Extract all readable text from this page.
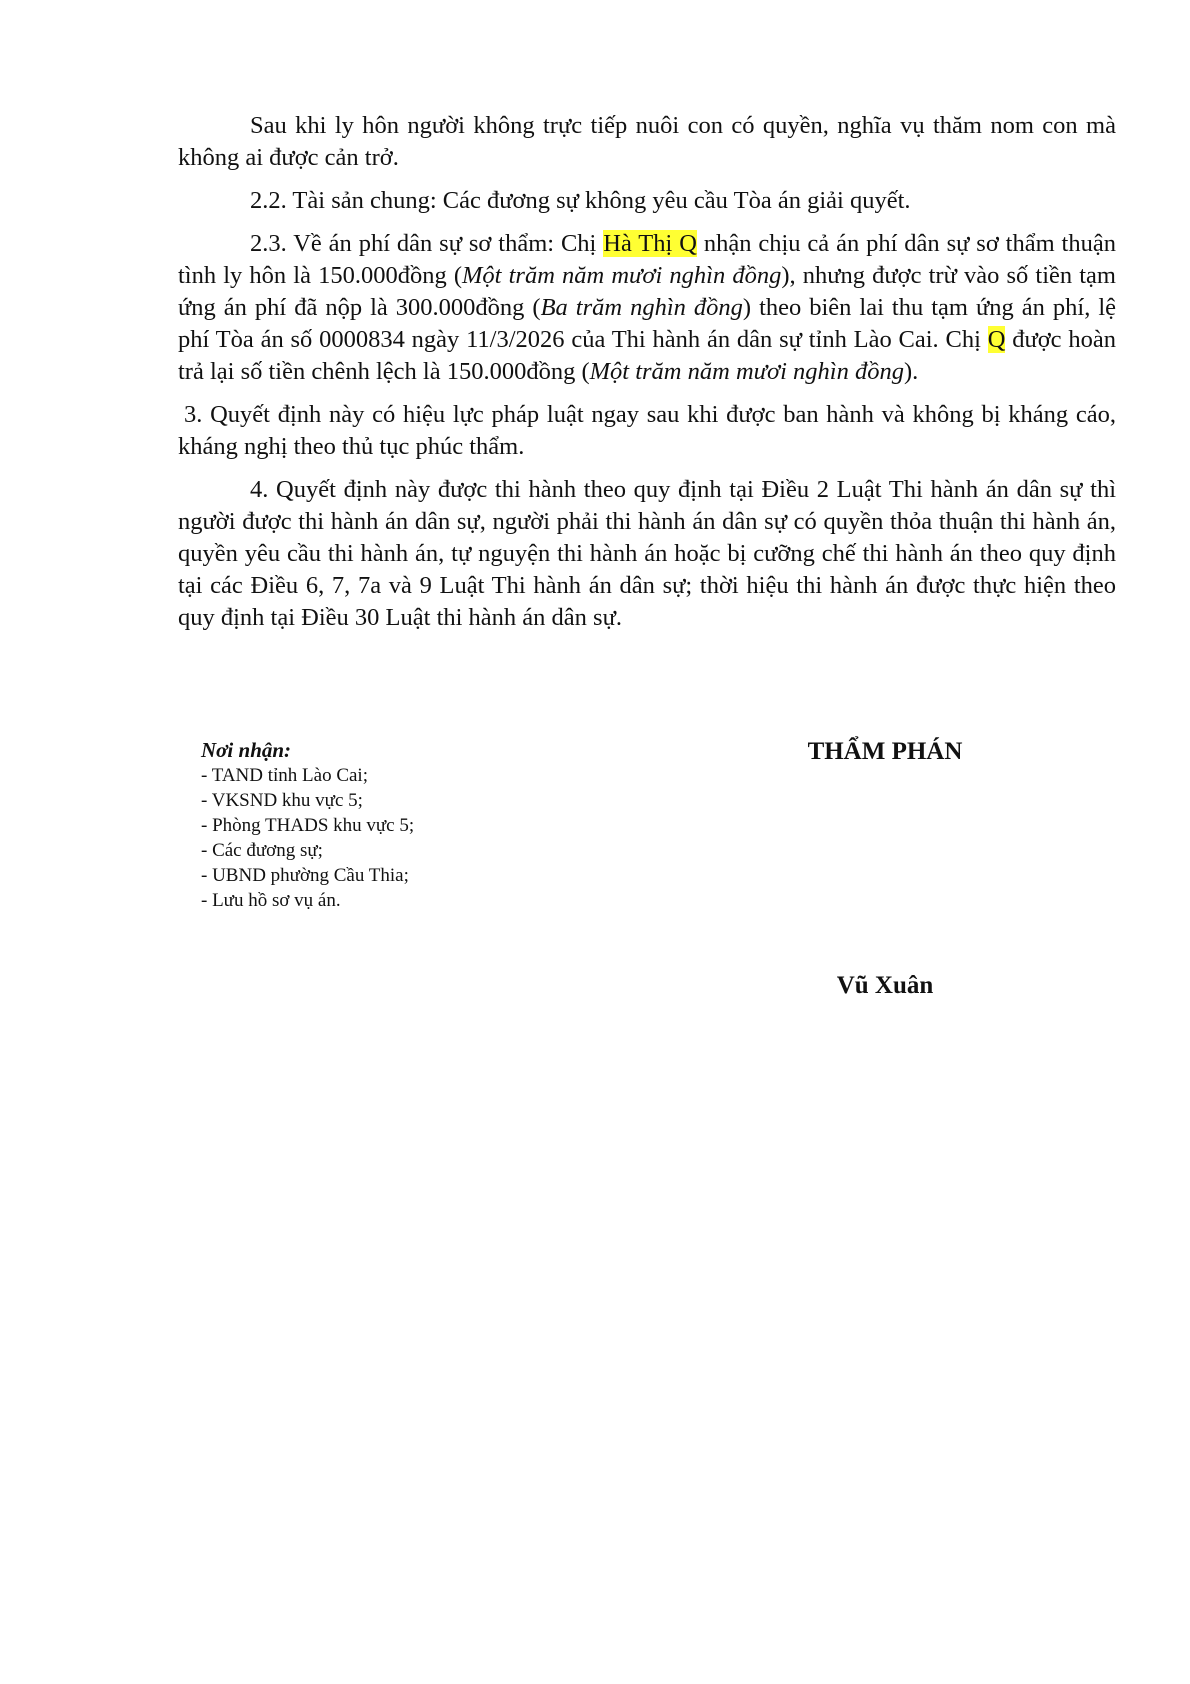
Sau khi ly hôn người không trực tiếp nuôi con có quyền, nghĩa vụ thăm nom con mà không ai được cản trở.

2.2. Tài sản chung: Các đương sự không yêu cầu Tòa án giải quyết.

2.3. Về án phí dân sự sơ thẩm: Chị Hà Thị Q nhận chịu cả án phí dân sự sơ thẩm thuận tình ly hôn là 150.000đồng (Một trăm năm mươi nghìn đồng), nhưng được trừ vào số tiền tạm ứng án phí đã nộp là 300.000đồng (Ba trăm nghìn đồng) theo biên lai thu tạm ứng án phí, lệ phí Tòa án số 0000834 ngày 11/3/2026 của Thi hành án dân sự tỉnh Lào Cai. Chị Q được hoàn trả lại số tiền chênh lệch là 150.000đồng (Một trăm năm mươi nghìn đồng).

3. Quyết định này có hiệu lực pháp luật ngay sau khi được ban hành và không bị kháng cáo, kháng nghị theo thủ tục phúc thẩm.

4. Quyết định này được thi hành theo quy định tại Điều 2 Luật Thi hành án dân sự thì người được thi hành án dân sự, người phải thi hành án dân sự có quyền thỏa thuận thi hành án, quyền yêu cầu thi hành án, tự nguyện thi hành án hoặc bị cưỡng chế thi hành án theo quy định tại các Điều 6, 7, 7a và 9 Luật Thi hành án dân sự; thời hiệu thi hành án được thực hiện theo quy định tại Điều 30 Luật thi hành án dân sự.

Nơi nhận:
- TAND tỉnh Lào Cai;
- VKSND khu vực 5;
- Phòng THADS khu vực 5;
- Các đương sự;
- UBND phường Cầu Thia;
- Lưu hồ sơ vụ án.
THẨM PHÁN
Vũ Xuân
